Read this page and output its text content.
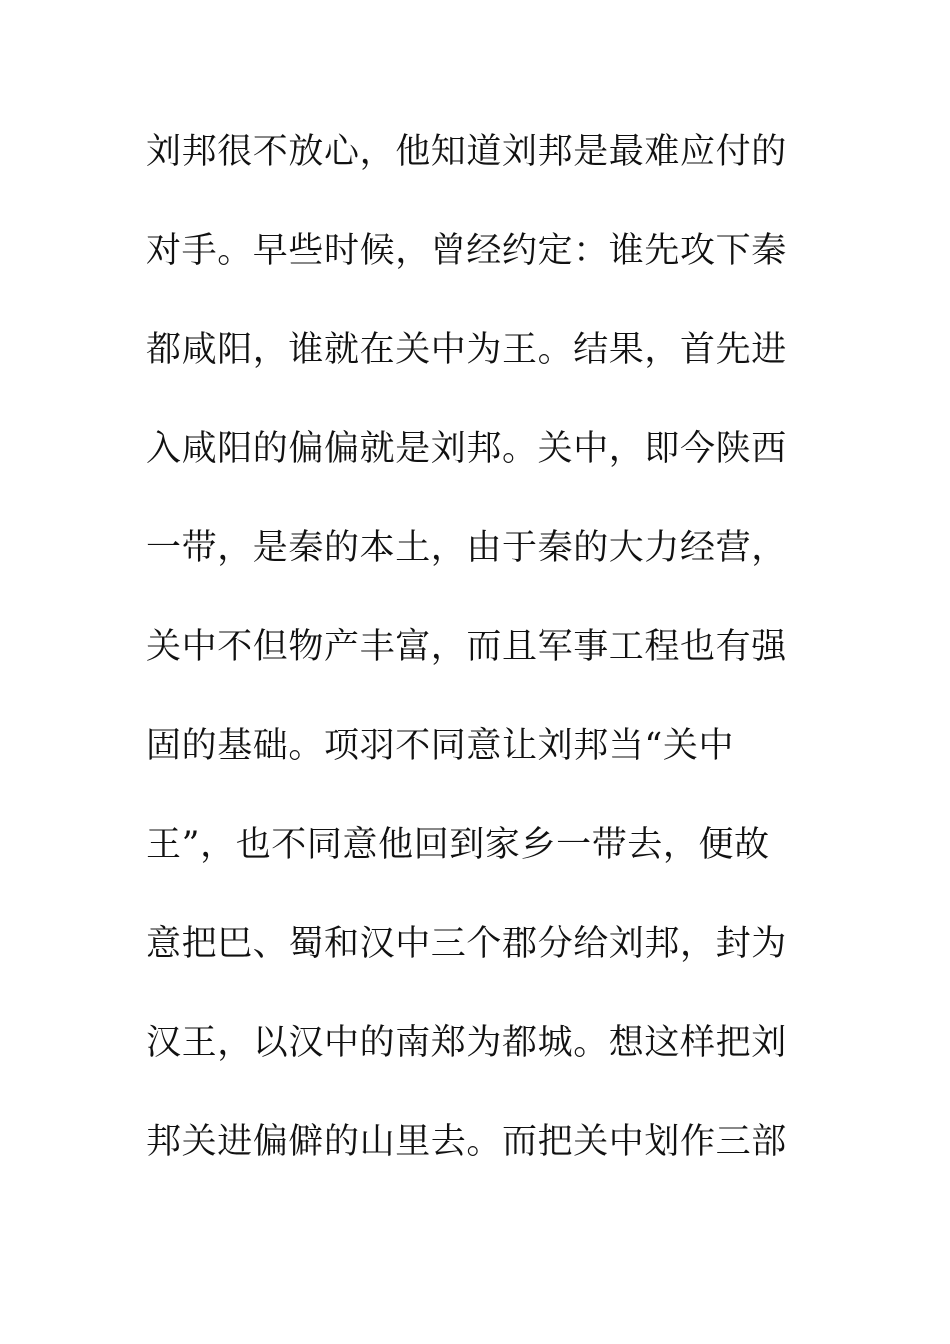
刘邦很不放心，他知道刘邦是最难应付的
对手。早些时候，曾经约定：谁先攻下秦
都咸阳，谁就在关中为王。结果，首先进
入咸阳的偏偏就是刘邦。关中，即今陕西
一带，是秦的本土，由于秦的大力经营，
关中不但物产丰富，而且军事工程也有强
固的基础。项羽不同意让刘邦当“关中
王”，也不同意他回到家乡一带去，便故
意把巴、蜀和汉中三个郡分给刘邦，封为
汉王，以汉中的南郑为都城。想这样把刘
邦关进偏僻的山里去。而把关中划作三部
